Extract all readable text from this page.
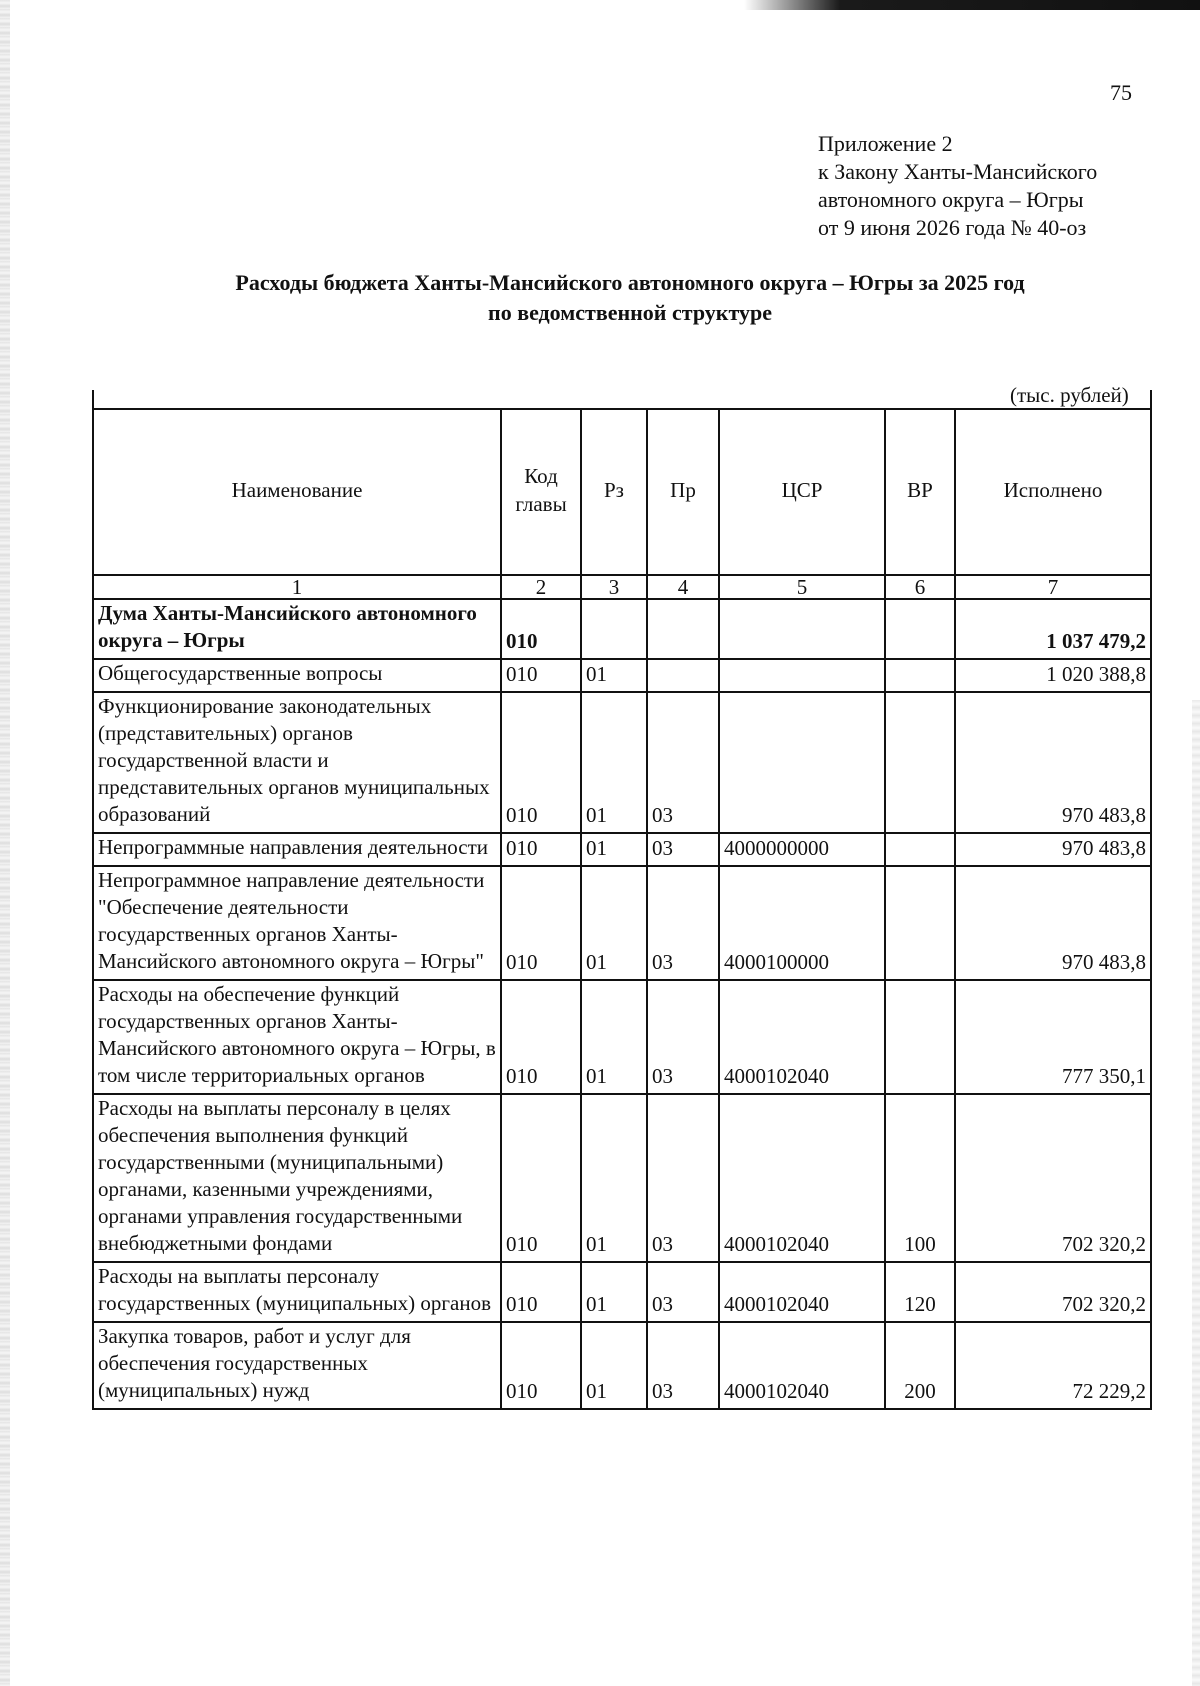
75
Приложение 2
к Закону Ханты-Мансийского
автономного округа – Югры
от 9 июня 2026 года № 40-оз
Расходы бюджета Ханты-Мансийского автономного округа – Югры за 2025 год
по ведомственной структуре
(тыс. рублей)

Наименование	Код главы	Рз	Пр	ЦСР	ВР	Исполнено
1	2	3	4	5	6	7
Дума Ханты-Мансийского автономного округа – Югры	010					1 037 479,2
Общегосударственные вопросы	010	01				1 020 388,8
Функционирование законодательных (представительных) органов государственной власти и представительных органов муниципальных образований	010	01	03			970 483,8
Непрограммные направления деятельности	010	01	03	4000000000		970 483,8
Непрограммное направление деятельности "Обеспечение деятельности государственных органов Ханты-Мансийского автономного округа – Югры"	010	01	03	4000100000		970 483,8
Расходы на обеспечение функций государственных органов Ханты-Мансийского автономного округа – Югры, в том числе территориальных органов	010	01	03	4000102040		777 350,1
Расходы на выплаты персоналу в целях обеспечения выполнения функций государственными (муниципальными) органами, казенными учреждениями, органами управления государственными внебюджетными фондами	010	01	03	4000102040	100	702 320,2
Расходы на выплаты персоналу государственных (муниципальных) органов	010	01	03	4000102040	120	702 320,2
Закупка товаров, работ и услуг для обеспечения государственных (муниципальных) нужд	010	01	03	4000102040	200	72 229,2
